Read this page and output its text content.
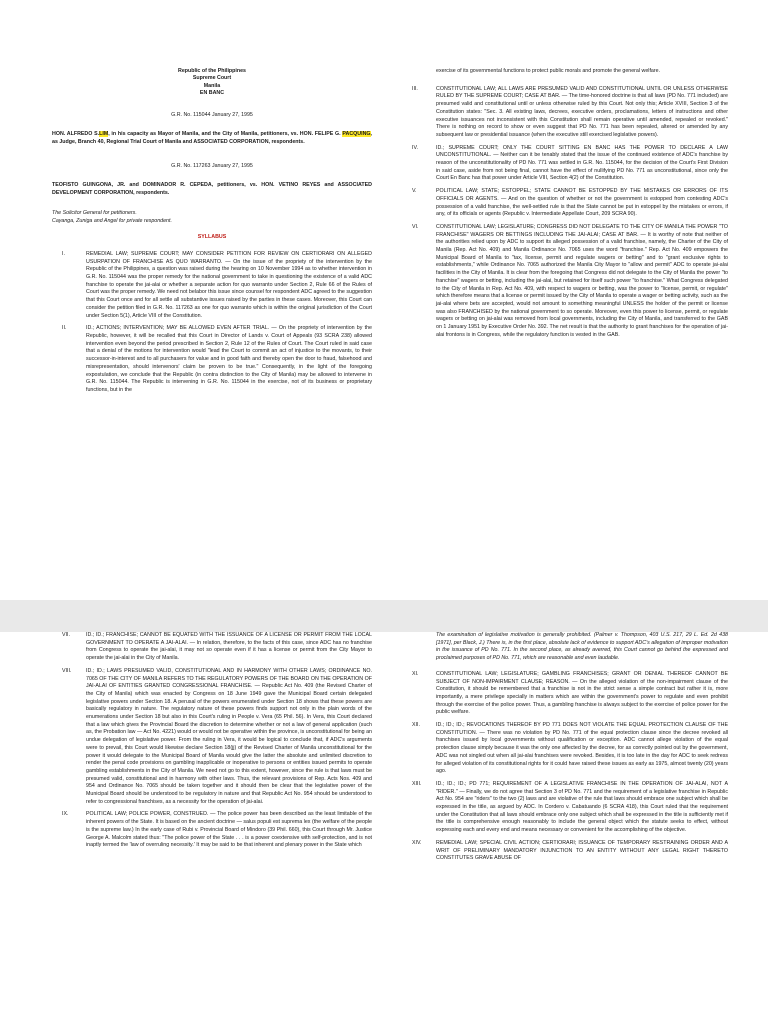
Republic of the Philippines
Supreme Court
Manila
EN BANC
G.R. No. 115044 January 27, 1995
HON. ALFREDO S.LIM, in his capacity as Mayor of Manila, and the City of Manila, petitioners, vs. HON. FELIPE G. PACQUING, as Judge, Branch 40, Regional Trial Court of Manila and ASSOCIATED CORPORATION, respondents.
G.R. No. 117263 January 27, 1995
TEOFISTO GUINGONA, JR. and DOMINADOR R. CEPEDA, petitioners, vs. HON. VETINO REYES and ASSOCIATED DEVELOPMENT CORPORATION, respondents.
The Solicitor General for petitioners.
Cayanga, Zuniga and Angel for private respondent.
SYLLABUS
I.	REMEDIAL LAW; SUPREME COURT; MAY CONSIDER PETITION FOR REVIEW ON CERTIORARI ON ALLEGED USURPATION OF FRANCHISE AS QUO WARRANTO. — On the issue of the propriety of the intervention by the Republic of the Philippines, a question was raised during the hearing on 10 November 1994 as to whether intervention in G.R. No. 115044 was the proper remedy for the national government to take in questioning the existence of a valid ADC franchise to operate the jai-alai or whether a separate action for quo warranto under Section 2, Rule 66 of the Rules of Court was the proper remedy. We need not belabor this issue since counsel for respondent ADC agreed to the suggestion that this Court once and for all settle all substantive issues raised by the parties in these cases. Moreover, this Court can consider the petition filed in G.R. No. 117263 as one for quo warranto which is within the original jurisdiction of the Court under Section 5(1), Article VIII of the Constitution.
II.	ID.; ACTIONS; INTERVENTION; MAY BE ALLOWED EVEN AFTER TRIAL. — On the propriety of intervention by the Republic, however, it will be recalled that this Court in Director of Lands v. Court of Appeals (93 SCRA 238) allowed intervention even beyond the period prescribed in Section 2, Rule 12 of the Rules of Court. The Court ruled in said case that a denial of the motions for intervention would "lead the Court to commit an act of injustice to the movants, to their successor-in-interest and to all purchasers for value and in good faith and thereby open the door to fraud, falsehood and misrepresentation, should intervenors' claim be proven to be true." Consequently, in the light of the foregoing expostulation, we conclude that the Republic (in contra distinction to the City of Manila) may be allowed to intervene in G.R. No. 115044. The Republic is intervening in G.R. No. 115044 in the exercise, not of its business or proprietary functions, but in the
exercise of its governmental functions to protect public morals and promote the general welfare.
III.	CONSTITUTIONAL LAW; ALL LAWS ARE PRESUMED VALID AND CONSTITUTIONAL UNTIL OR UNLESS OTHERWISE RULED BY THE SUPREME COURT; CASE AT BAR. — The time-honored doctrine is that all laws (PD No. 771 included) are presumed valid and constitutional until or unless otherwise ruled by this Court. Not only this; Article XVIII, Section 3 of the Constitution states: "Sec. 3. All existing laws, decrees, executive orders, proclamations, letters of instructions and other executive issuances not inconsistent with this Constitution shall remain operative until amended, repealed or revoked." There is nothing on record to show or even suggest that PD No. 771 has been repealed, altered or amended by any subsequent law or presidential issuance (when the executive still exercised legislative powers).
IV.	ID.; SUPREME COURT; ONLY THE COURT SITTING EN BANC HAS THE POWER TO DECLARE A LAW UNCONSTITUTIONAL. — Neither can it be tenably stated that the issue of the continued existence of ADC's franchise by reason of the unconstitutionality of PD No. 771 was settled in G.R. No. 115044, for the decision of the Court's First Division in said case, aside from not being final, cannot have the effect of nullifying PD No. 771 as unconstitutional, since only the Court En Banc has that power under Article VIII, Section 4(2) of the Constitution.
V.	POLITICAL LAW; STATE; ESTOPPEL; STATE CANNOT BE ESTOPPED BY THE MISTAKES OR ERRORS OF ITS OFFICIALS OR AGENTS. — And on the question of whether or not the government is estopped from contesting ADC's possession of a valid franchise, the well-settled rule is that the State cannot be put in estoppel by the mistakes or errors, if any, of its officials or agents (Republic v. Intermediate Appellate Court, 209 SCRA 90).
VI.	CONSTITUTIONAL LAW; LEGISLATURE; CONGRESS DID NOT DELEGATE TO THE CITY OF MANILA THE POWER "TO FRANCHISE" WAGERS OR BETTINGS INCLUDING THE JAI-ALAI; CASE AT BAR. — It is worthy of note that neither of the authorities relied upon by ADC to support its alleged possession of a valid franchise, namely, the Charter of the City of Manila (Rep. Act No. 409) and Manila Ordinance No. 7065 uses the word "franchise." Rep. Act No. 409 empowers the Municipal Board of Manila to "tax, license, permit and regulate wagers or betting" and to "grant exclusive rights to establishments," while Ordinance No. 7065 authorized the Manila City Mayor to "allow and permit" ADC to operate jai-alai facilities in the City of Manila. It is clear from the foregoing that Congress did not delegate to the City of Manila the power "to franchise" wagers or betting, including the jai-alai, but retained for itself such power "to franchise." What Congress delegated to the City of Manila in Rep. Act No. 409, with respect to wagers or betting, was the power to "license, permit, or regulate" which therefore means that a license or permit issued by the City of Manila to operate a wager or betting activity, such as the jai-alai where bets are accepted, would not amount to something meaningful UNLESS the holder of the permit or license was also FRANCHISED by the national government to so operate. Moreover, even this power to license, permit, or regulate wagers or betting on jai-alai was removed from local governments, including the City of Manila, and transferred to the GAB on 1 January 1951 by Executive Order No. 392. The net result is that the authority to grant franchises for the operation of jai-alai frontons is in Congress, while the regulatory function is vested in the GAB.
VII.	ID.; ID.; FRANCHISE; CANNOT BE EQUATED WITH THE ISSUANCE OF A LICENSE OR PERMIT FROM THE LOCAL GOVERNMENT TO OPERATE A JAI-ALAI. — In relation, therefore, to the facts of this case, since ADC has no franchise from Congress to operate the jai-alai, it may not so operate even if it has a license or permit from the City Mayor to operate the jai-alai in the City of Manila.
VIII.	ID.; ID.; LAWS PRESUMED VALID, CONSTITUTIONAL AND IN HARMONY WITH OTHER LAWS; ORDINANCE NO. 7065 OF THE CITY OF MANILA REFERS TO THE REGULATORY POWERS OF THE BOARD ON THE OPERATION OF JAI-ALAI OF ENTITIES GRANTED CONGRESSIONAL FRANCHISE. — Republic Act No. 409 (the Revised Charter of the City of Manila) which was enacted by Congress on 18 June 1949 gave the Municipal Board certain delegated legislative powers under Section 18. A perusal of the powers enumerated under Section 18 shows that these powers are basically regulatory in nature. The regulatory nature of these powers finds support not only in the plain words of the enumerations under Section 18 but also in this Court's ruling in People v. Vera (65 Phil. 56). In Vera, this Court declared that a law which gives the Provincial Board the discretion to determine whether or not a law of general application (such as, the Probation law — Act No. 4221) would or would not be operative within the province, is unconstitutional for being an undue delegation of legislative power. From the ruling in Vera, it would be logical to conclude that, if ADC's arguments were to prevail, this Court would likewise declare Section 18(jj) of the Revised Charter of Manila unconstitutional for the power it would delegate to the Municipal Board of Manila would give the latter the absolute and unlimited discretion to render the penal code provisions on gambling inapplicable or inoperative to persons or entities issued permits to operate gambling establishments in the City of Manila. We need not go to this extent, however, since the rule is that laws must be presumed valid, constitutional and in harmony with other laws. Thus, the relevant provisions of Rep. Acts Nos. 409 and 954 and Ordinance No. 7065 should be taken together and it should then be clear that the legislative power of the Municipal Board should be understood to be regulatory in nature and that Republic Act No. 954 should be understood to refer to congressional franchises, as a necessity for the operation of jai-alai.
IX.	POLITICAL LAW; POLICE POWER, CONSTRUED. — The police power has been described as the least limitable of the inherent powers of the State. It is based on the ancient doctrine — salus populi est suprema lex (the welfare of the people is the supreme law.) In the early case of Rubi v. Provincial Board of Mindoro (39 Phil. 660), this Court through Mr. Justice George A. Malcolm stated thus: "The police power of the State . . . is a power coextensive with self-protection, and is not inaptly termed the 'law of overruling necessity.' It may be said to be that inherent and plenary power in the State which
The examination of legislative motivation is generally prohibited. (Palmer v. Thompson, 403 U.S. 217, 29 L. Ed. 2d 438 [1971], per Black, J.) There is, in the first place, absolute lack of evidence to support ADC's allegation of improper motivation in the issuance of PD No. 771. In the second place, as already averred, this Court cannot go behind the expressed and proclaimed purposes of PD No. 771, which are reasonable and even laudable.
XI.	CONSTITUTIONAL LAW; LEGISLATURE; GAMBLING FRANCHISES; GRANT OR DENIAL THEREOF CANNOT BE SUBJECT OF NON-IMPAIRMENT CLAUSE; REASON. — On the alleged violation of the non-impairment clause of the Constitution, it should be remembered that a franchise is not in the strict sense a simple contract but rather it is, more importantly, a mere privilege specially in matters which are within the government's power to regulate and even prohibit through the exercise of the police power. Thus, a gambling franchise is always subject to the exercise of police power for the public welfare.
XII.	ID.; ID.; ID.; REVOCATIONS THEREOF BY PD 771 DOES NOT VIOLATE THE EQUAL PROTECTION CLAUSE OF THE CONSTITUTION. — There was no violation by PD No. 771 of the equal protection clause since the decree revoked all franchises issued by local governments without qualification or exception. ADC cannot allege violation of the equal protection clause simply because it was the only one affected by the decree, for as correctly pointed out by the government, ADC was not singled out when all jai-alai franchises were revoked. Besides, it is too late in the day for ADC to seek redress for alleged violation of its constitutional rights for it could have raised these issues as early as 1975, almost twenty (20) years ago.
XIII.	ID.; ID.; ID.; PD 771; REQUIREMENT OF A LEGISLATIVE FRANCHISE IN THE OPERATION OF JAI-ALAI, NOT A "RIDER." — Finally, we do not agree that Section 3 of PD No. 771 and the requirement of a legislative franchise in Republic Act No. 954 are "riders" to the two (2) laws and are violative of the rule that laws should embrace one subject which shall be expressed in the title, as argued by ADC. In Cordero v. Cabatuando (6 SCRA 418), this Court ruled that the requirement under the Constitution that all laws should embrace only one subject which shall be expressed in the title is sufficiently met if the title is comprehensive enough reasonably to include the general object which the statute seeks to effect, without expressing each and every end and means necessary or convenient for the accomplishing of the objective.
XIV.	REMEDIAL LAW; SPECIAL CIVIL ACTION; CERTIORARI; ISSUANCE OF TEMPORARY RESTRAINING ORDER AND A WRIT OF PRELIMINARY MANDATORY INJUNCTION TO AN ENTITY WITHOUT ANY LEGAL RIGHT THERETO CONSTITUTES GRAVE ABUSE OF
